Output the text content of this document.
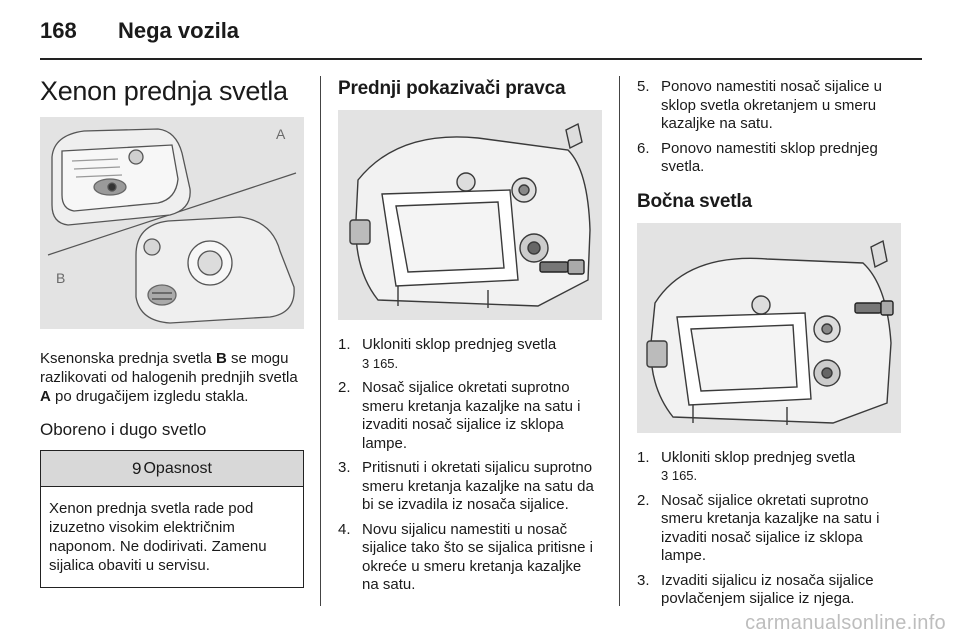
168 Nega vozila
Xenon prednja svetla
A
B

Ksenonska prednja svetla B se mogu razlikovati od halogenih prednjih svetla A po drugačijem izgledu stakla.

Oboreno i dugo svetlo
9 Opasnost
Xenon prednja svetla rade pod izuzetno visokim električnim naponom. Ne dodirivati. Zamenu sijalica obaviti u servisu.
Prednji pokazivači pravca
1. Ukloniti sklop prednjeg svetla
3 165.
2. Nosač sijalice okretati suprotno smeru kretanja kazaljke na satu i izvaditi nosač sijalice iz sklopa lampe.
3. Pritisnuti i okretati sijalicu suprotno smeru kretanja kazaljke na satu da bi se izvadila iz nosača sijalice.
4. Novu sijalicu namestiti u nosač sijalice tako što se sijalica pritisne i okreće u smeru kretanja kazaljke na satu.
5. Ponovo namestiti nosač sijalice u sklop svetla okretanjem u smeru kazaljke na satu.
6. Ponovo namestiti sklop prednjeg svetla.
Bočna svetla
1. Ukloniti sklop prednjeg svetla
3 165.
2. Nosač sijalice okretati suprotno smeru kretanja kazaljke na satu i izvaditi nosač sijalice iz sklopa lampe.
3. Izvaditi sijalicu iz nosača sijalice povlačenjem sijalice iz njega.
carmanualsonline.info
